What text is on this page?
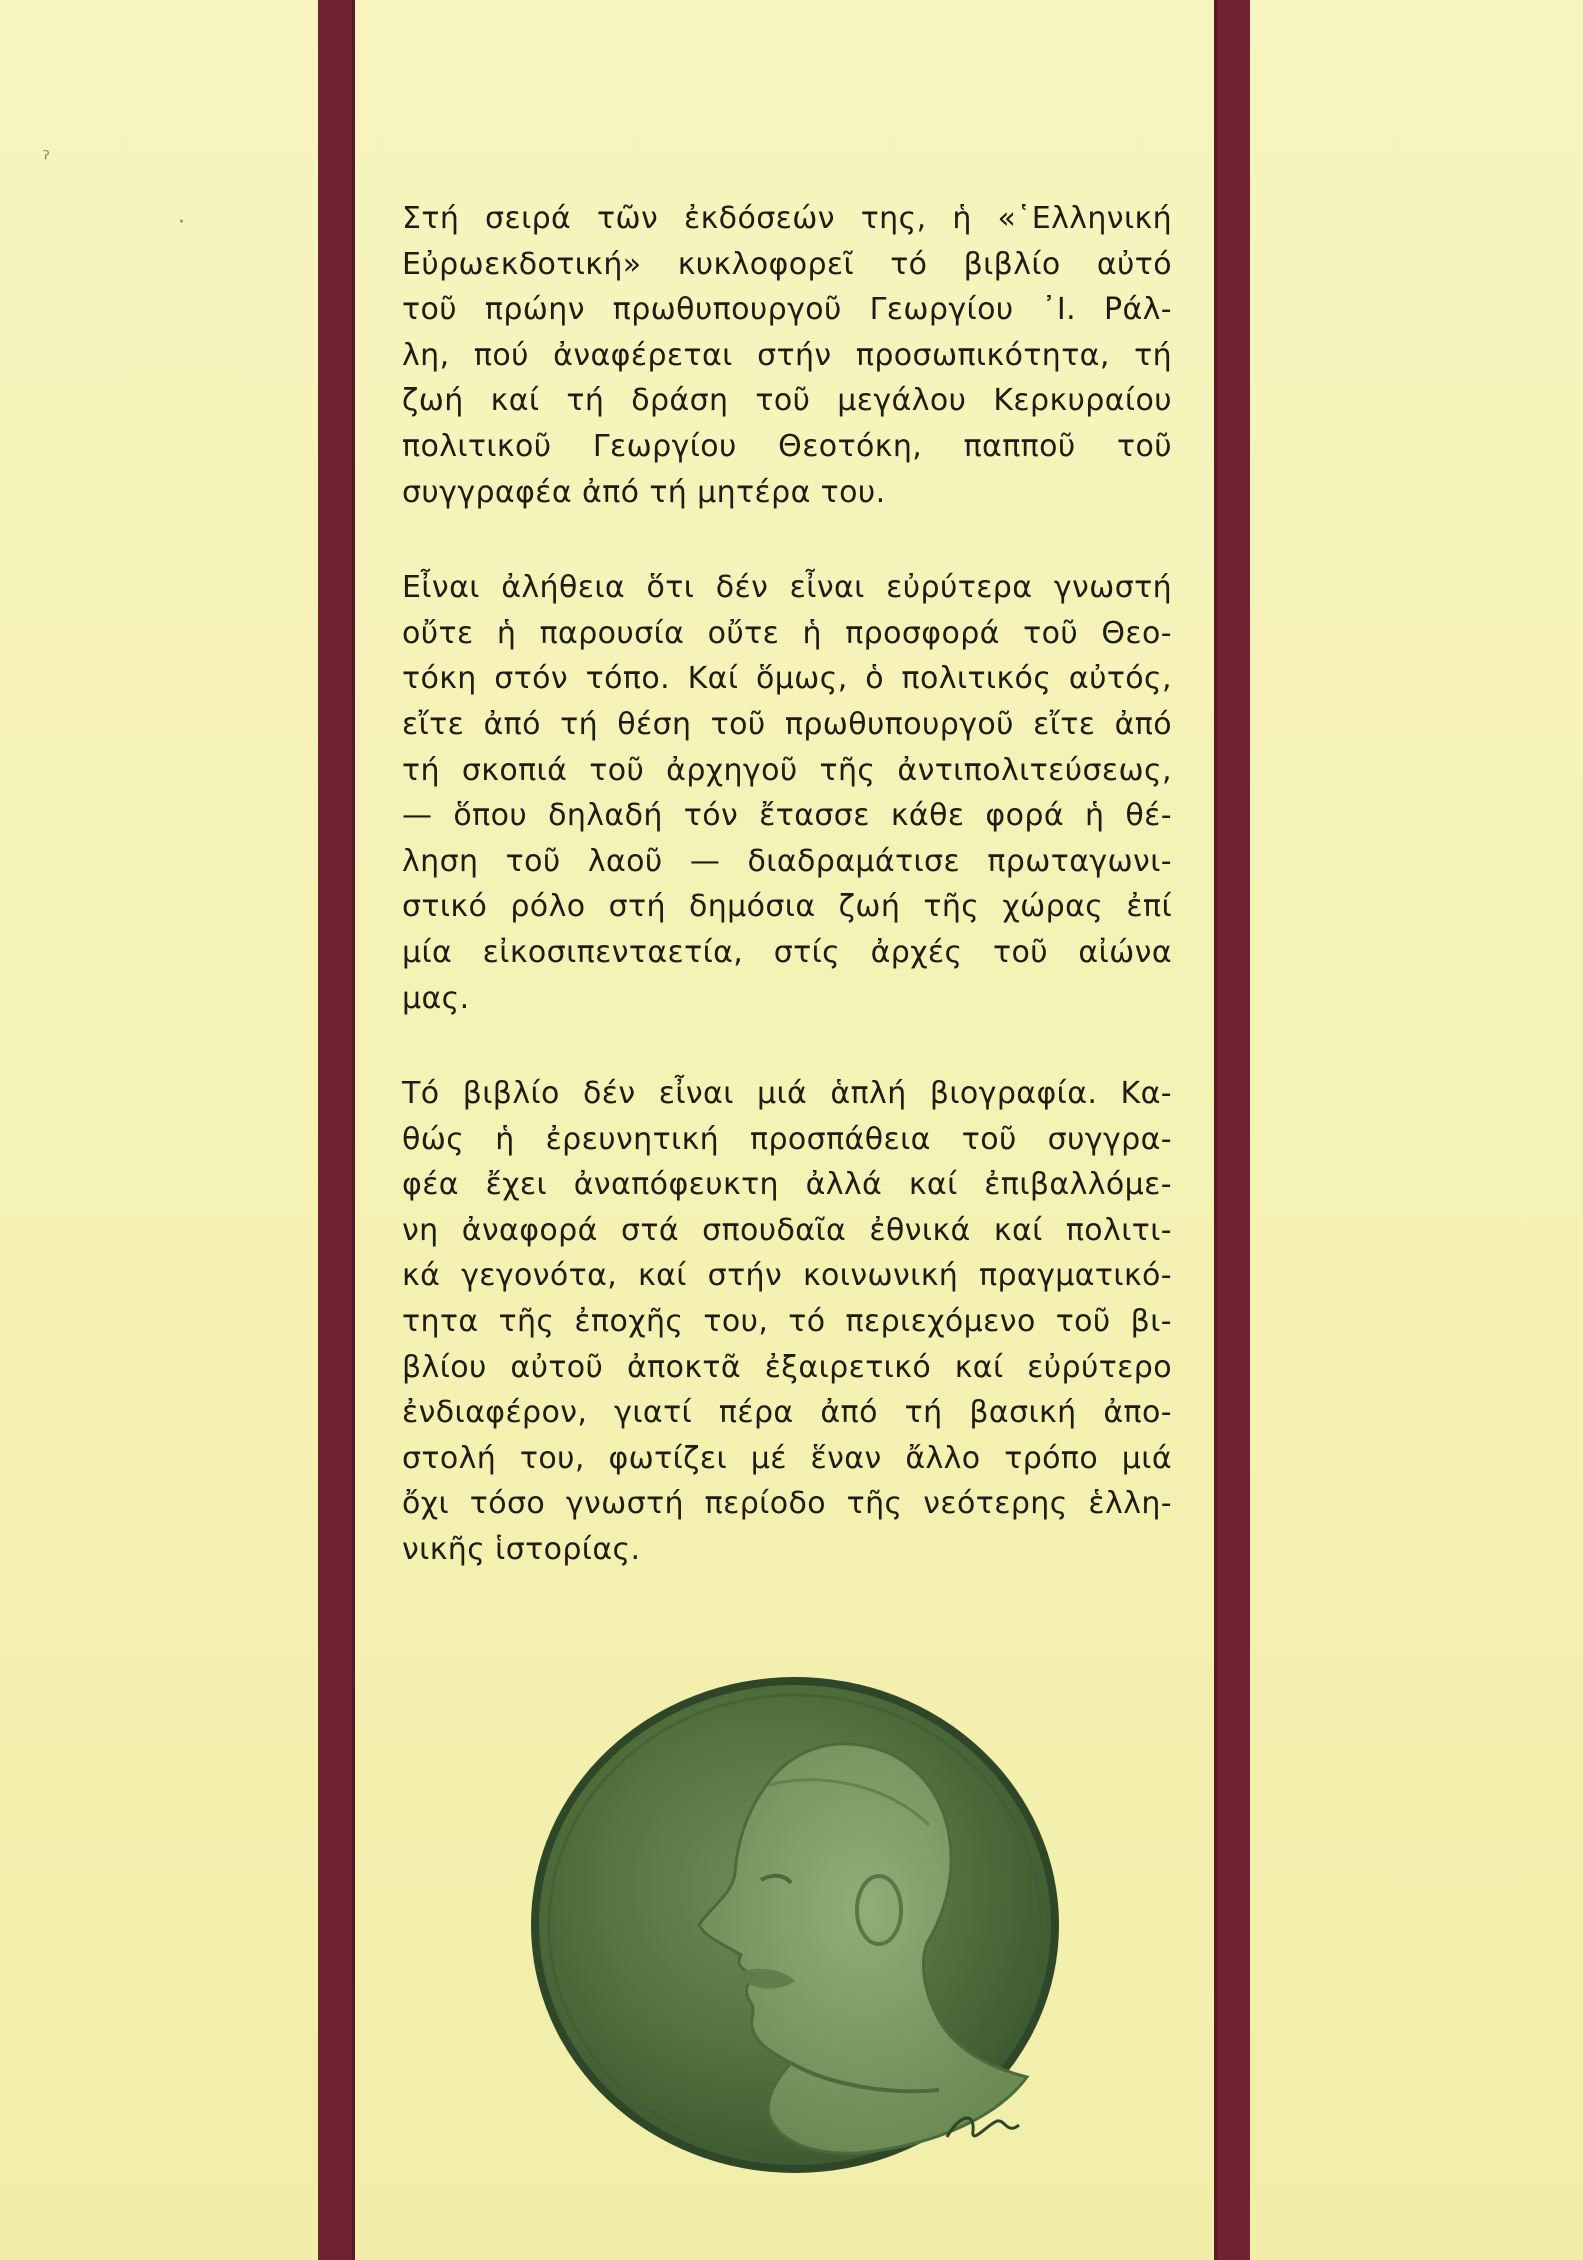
ˀ
·	Στή σειρά τῶν ἐκδόσεών της, ἡ «῾Ελληνική
Εὐρωεκδοτική» κυκλοφορεῖ τό βιβλίο αὐτό
τοῦ πρώην πρωθυπουργοῦ Γεωργίου ᾿Ι. Ράλ-
λη, πού ἀναφέρεται στήν προσωπικότητα, τή
ζωή καί τή δράση τοῦ μεγάλου Κερκυραίου
πολιτικοῦ Γεωργίου Θεοτόκη, παπποῦ τοῦ
συγγραφέα ἀπό τή μητέρα του.
Εἶναι ἀλήθεια ὅτι δέν εἶναι εὐρύτερα γνωστή
οὔτε ἡ παρουσία οὔτε ἡ προσφορά τοῦ Θεο-
τόκη στόν τόπο. Καί ὅμως, ὁ πολιτικός αὐτός,
εἴτε ἀπό τή θέση τοῦ πρωθυπουργοῦ εἴτε ἀπό
τή σκοπιά τοῦ ἀρχηγοῦ τῆς ἀντιπολιτεύσεως,
— ὅπου δηλαδή τόν ἔτασσε κάθε φορά ἡ θέ-
ληση τοῦ λαοῦ — διαδραμάτισε πρωταγωνι-
στικό ρόλο στή δημόσια ζωή τῆς χώρας ἐπί
μία εἰκοσιπενταετία, στίς ἀρχές τοῦ αἰώνα
μας.
Τό βιβλίο δέν εἶναι μιά ἁπλή βιογραφία. Κα-
θώς ἡ ἐρευνητική προσπάθεια τοῦ συγγρα-
φέα ἔχει ἀναπόφευκτη ἀλλά καί ἐπιβαλλόμε-
νη ἀναφορά στά σπουδαῖα ἐθνικά καί πολιτι-
κά γεγονότα, καί στήν κοινωνική πραγματικό-
τητα τῆς ἐποχῆς του, τό περιεχόμενο τοῦ βι-
βλίου αὐτοῦ ἀποκτᾶ ἐξαιρετικό καί εὐρύτερο
ἐνδιαφέρον, γιατί πέρα ἀπό τή βασική ἀπο-
στολή του, φωτίζει μέ ἕναν ἄλλο τρόπο μιά
ὄχι τόσο γνωστή περίοδο τῆς νεότερης ἑλλη-
νικῆς ἱστορίας.
